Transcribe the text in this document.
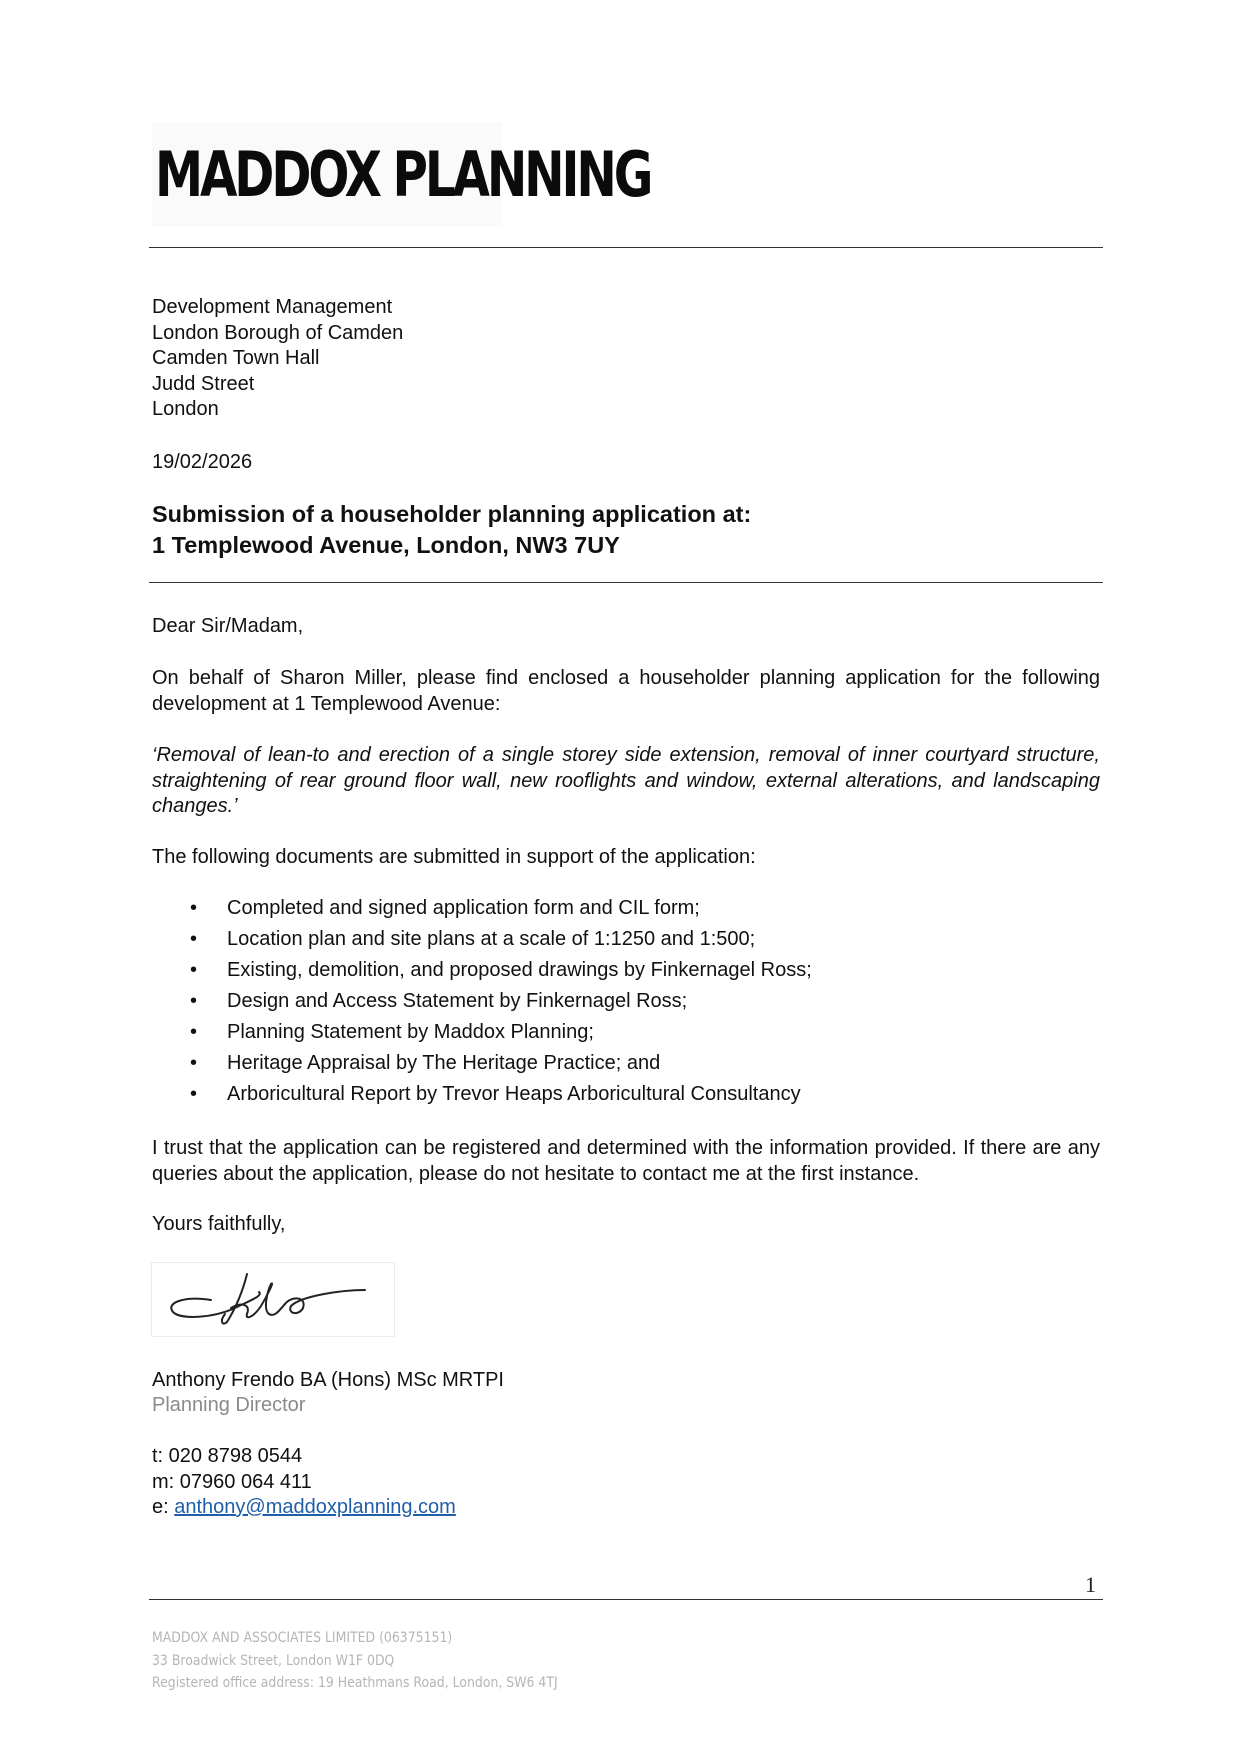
MADDOX PLANNING
Development Management
London Borough of Camden
Camden Town Hall
Judd Street
London
19/02/2026
Submission of a householder planning application at:
1 Templewood Avenue, London, NW3 7UY
Dear Sir/Madam,
On behalf of Sharon Miller, please find enclosed a householder planning application for the following development at 1 Templewood Avenue:
‘Removal of lean-to and erection of a single storey side extension, removal of inner courtyard structure, straightening of rear ground floor wall, new rooflights and window, external alterations, and landscaping changes.’
The following documents are submitted in support of the application:
• Completed and signed application form and CIL form;
• Location plan and site plans at a scale of 1:1250 and 1:500;
• Existing, demolition, and proposed drawings by Finkernagel Ross;
• Design and Access Statement by Finkernagel Ross;
• Planning Statement by Maddox Planning;
• Heritage Appraisal by The Heritage Practice; and
• Arboricultural Report by Trevor Heaps Arboricultural Consultancy
I trust that the application can be registered and determined with the information provided. If there are any queries about the application, please do not hesitate to contact me at the first instance.
Yours faithfully,
Anthony Frendo BA (Hons) MSc MRTPI
Planning Director
t: 020 8798 0544
m: 07960 064 411
e: anthony@maddoxplanning.com
1
MADDOX AND ASSOCIATES LIMITED (06375151)
33 Broadwick Street, London W1F 0DQ
Registered office address: 19 Heathmans Road, London, SW6 4TJ
